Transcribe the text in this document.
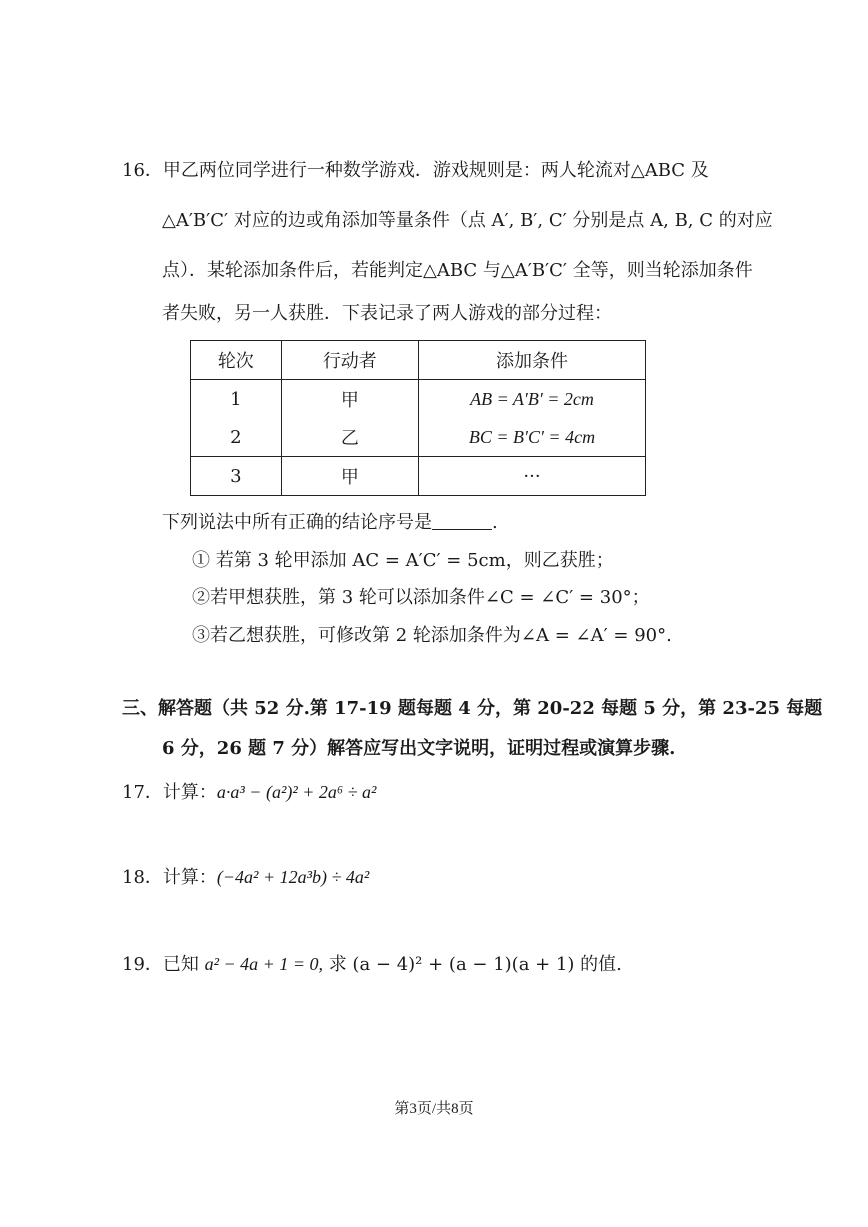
16．甲乙两位同学进行一种数学游戏．游戏规则是：两人轮流对△ABC 及
△A′B′C′ 对应的边或角添加等量条件（点 A′, B′, C′ 分别是点 A, B, C 的对应
点）．某轮添加条件后，若能判定△ABC 与△A′B′C′ 全等，则当轮添加条件
者失败，另一人获胜．下表记录了两人游戏的部分过程：
轮次	行动者	添加条件
1	甲	AB = A′B′ = 2cm
2	乙	BC = B′C′ = 4cm
3	甲	···
下列说法中所有正确的结论序号是	.
① 若第 3 轮甲添加 AC = A′C′ = 5cm，则乙获胜；
②若甲想获胜，第 3 轮可以添加条件∠C = ∠C′ = 30°；
③若乙想获胜，可修改第 2 轮添加条件为∠A = ∠A′ = 90°.
三、解答题（共 52 分.第 17-19 题每题 4 分，第 20-22 每题 5 分，第 23-25 每题
6 分，26 题 7 分）解答应写出文字说明，证明过程或演算步骤.
17．计算：a·a³ − (a²)² + 2a⁶ ÷ a²
18．计算：(−4a² + 12a³b) ÷ 4a²
19．已知 a² − 4a + 1 = 0, 求 (a − 4)² + (a − 1)(a + 1) 的值.
第3页/共8页
